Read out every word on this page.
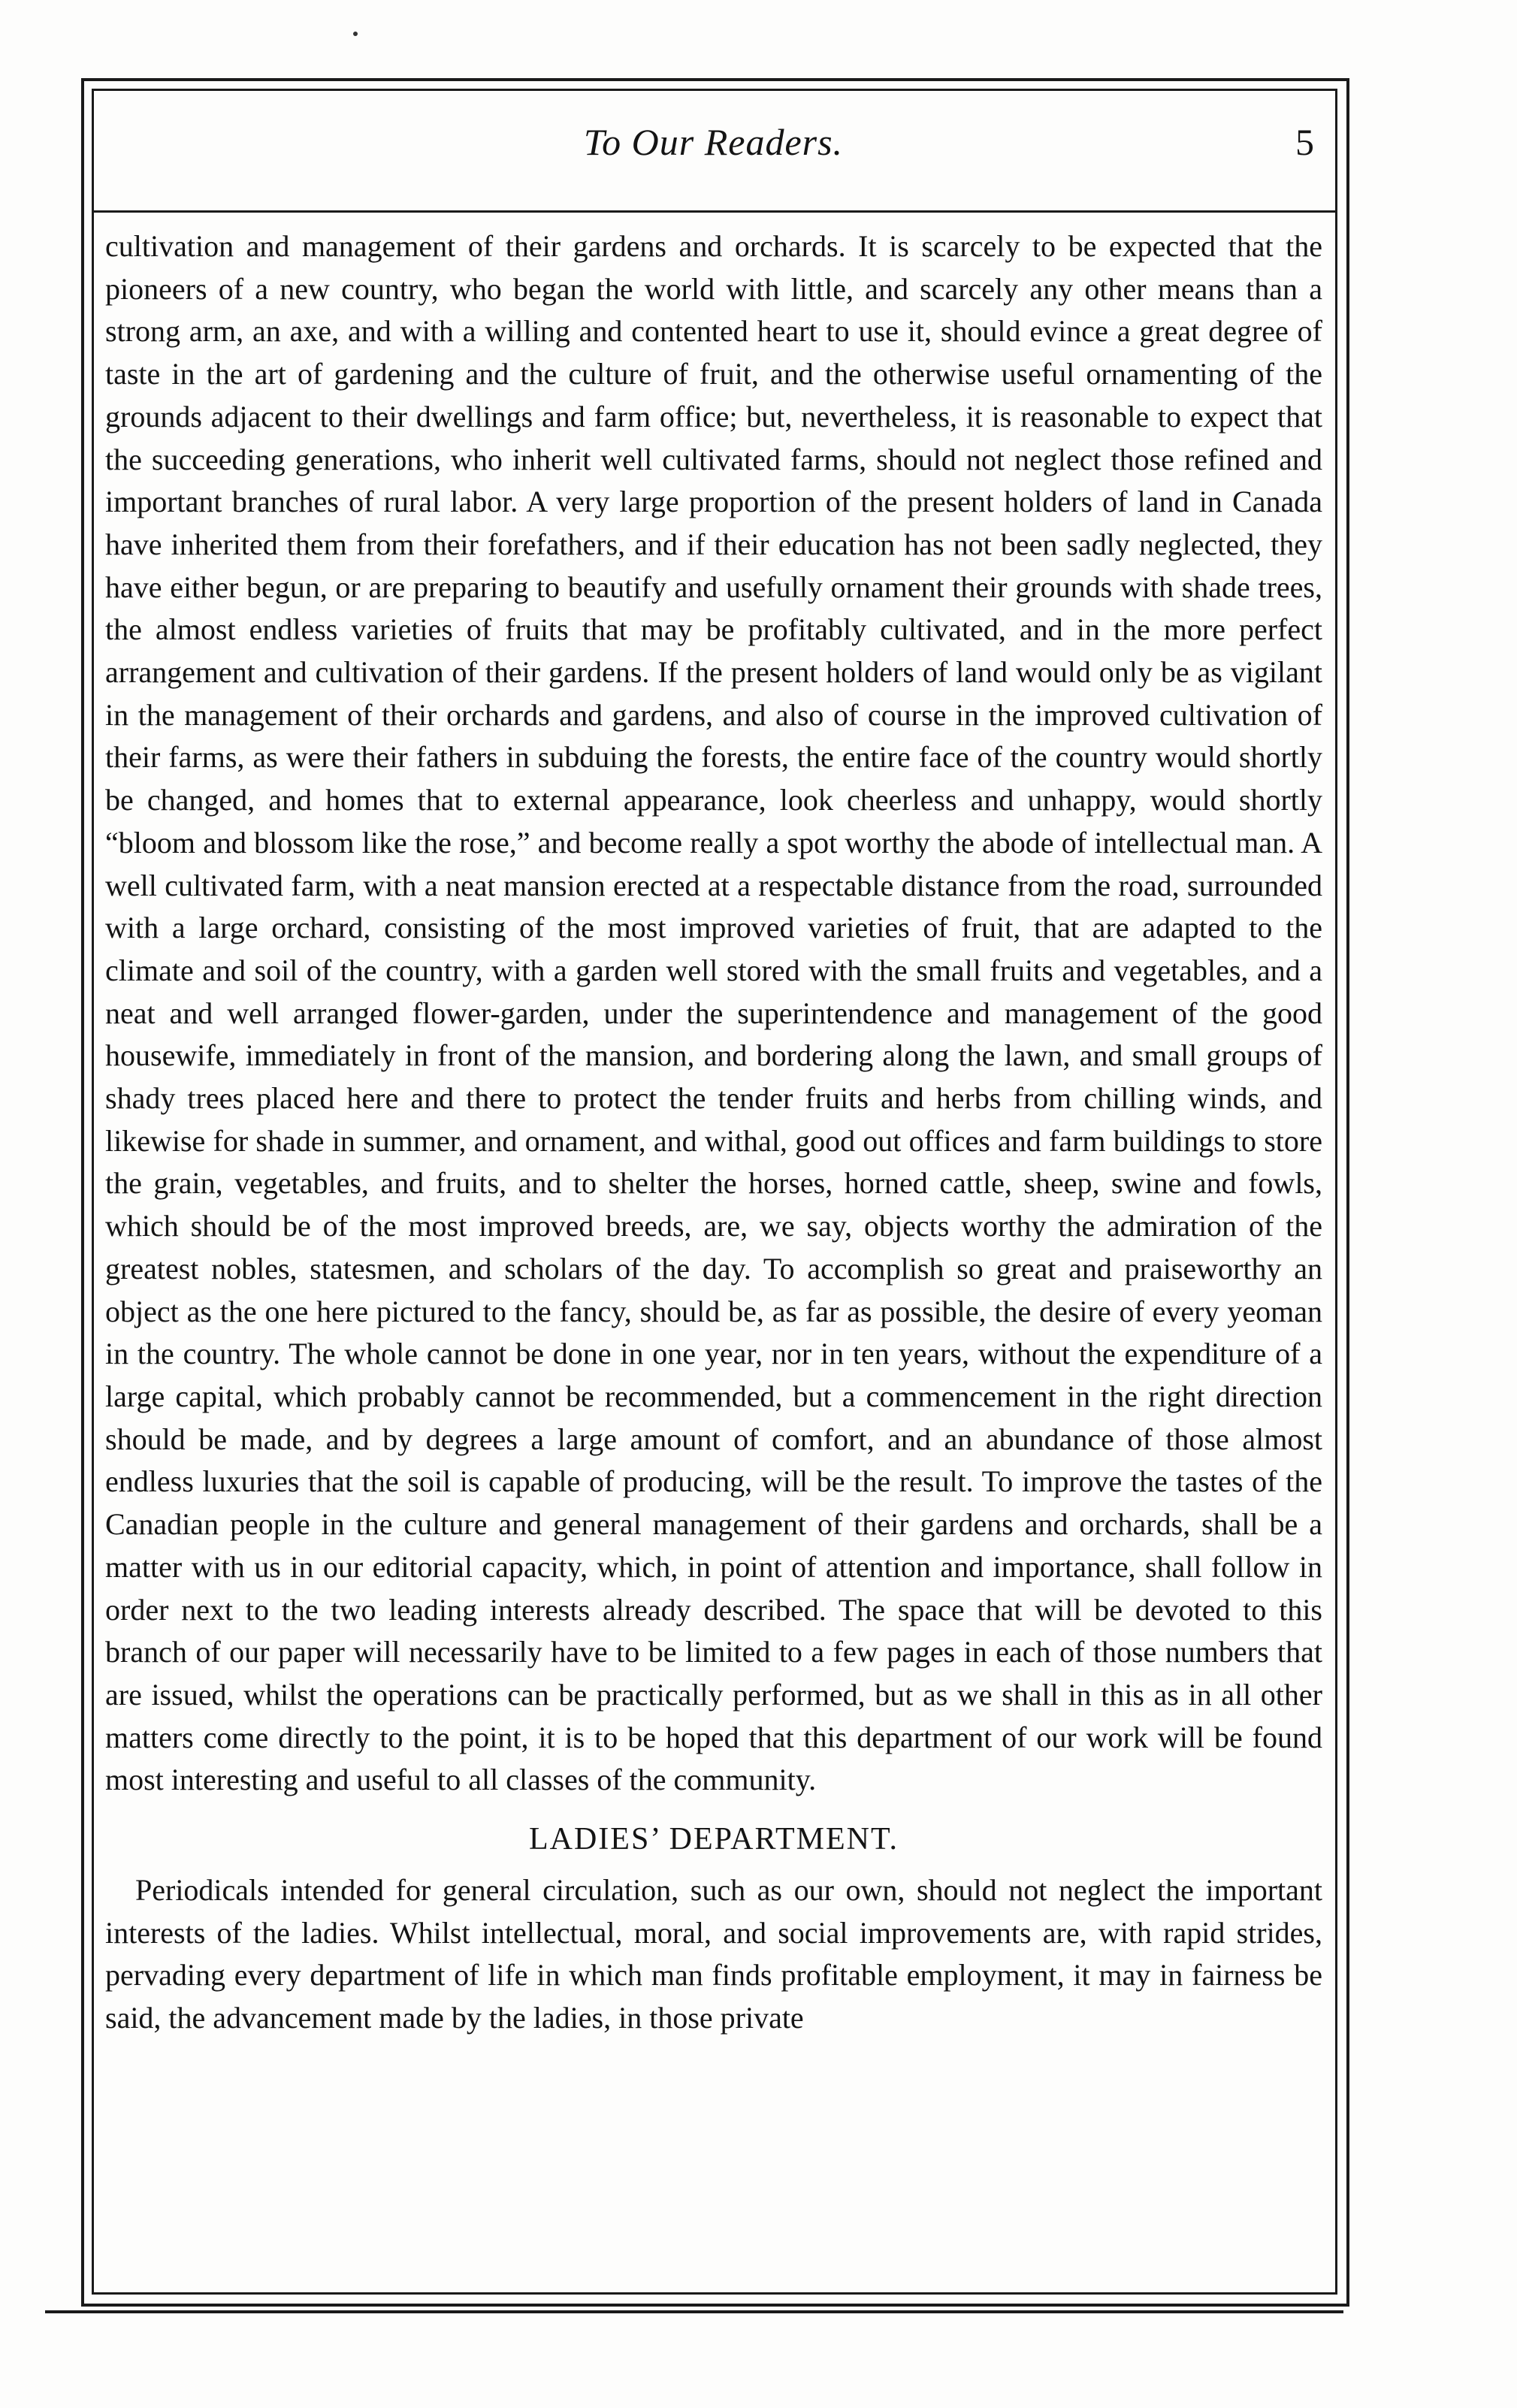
To Our Readers.	5

cultivation and management of their gardens and orchards. It is scarcely to be expected that the pioneers of a new country, who began the world with little, and scarcely any other means than a strong arm, an axe, and with a willing and contented heart to use it, should evince a great degree of taste in the art of gardening and the culture of fruit, and the otherwise useful ornamenting of the grounds adjacent to their dwellings and farm office; but, nevertheless, it is reasonable to expect that the succeeding generations, who inherit well cultivated farms, should not neglect those refined and important branches of rural labor. A very large proportion of the present holders of land in Canada have inherited them from their forefathers, and if their education has not been sadly neglected, they have either begun, or are preparing to beautify and usefully ornament their grounds with shade trees, the almost endless varieties of fruits that may be profitably cultivated, and in the more perfect arrangement and cultivation of their gardens. If the present holders of land would only be as vigilant in the management of their orchards and gardens, and also of course in the improved cultivation of their farms, as were their fathers in subduing the forests, the entire face of the country would shortly be changed, and homes that to external appearance, look cheerless and unhappy, would shortly “bloom and blossom like the rose,” and become really a spot worthy the abode of intellectual man. A well cultivated farm, with a neat mansion erected at a respectable distance from the road, surrounded with a large orchard, consisting of the most improved varieties of fruit, that are adapted to the climate and soil of the country, with a garden well stored with the small fruits and vegetables, and a neat and well arranged flower-garden, under the superintendence and management of the good housewife, immediately in front of the mansion, and bordering along the lawn, and small groups of shady trees placed here and there to protect the tender fruits and herbs from chilling winds, and likewise for shade in summer, and ornament, and withal, good out offices and farm buildings to store the grain, vegetables, and fruits, and to shelter the horses, horned cattle, sheep, swine and fowls, which should be of the most improved breeds, are, we say, objects worthy the admiration of the greatest nobles, statesmen, and scholars of the day. To accomplish so great and praiseworthy an object as the one here pictured to the fancy, should be, as far as possible, the desire of every yeoman in the country. The whole cannot be done in one year, nor in ten years, without the expenditure of a large capital, which probably cannot be recommended, but a commencement in the right direction should be made, and by degrees a large amount of comfort, and an abundance of those almost endless luxuries that the soil is capable of producing, will be the result. To improve the tastes of the Canadian people in the culture and general management of their gardens and orchards, shall be a matter with us in our editorial capacity, which, in point of attention and importance, shall follow in order next to the two leading interests already described. The space that will be devoted to this branch of our paper will necessarily have to be limited to a few pages in each of those numbers that are issued, whilst the operations can be practically performed, but as we shall in this as in all other matters come directly to the point, it is to be hoped that this department of our work will be found most interesting and useful to all classes of the community.

LADIES’ DEPARTMENT.

Periodicals intended for general circulation, such as our own, should not neglect the important interests of the ladies. Whilst intellectual, moral, and social improvements are, with rapid strides, pervading every department of life in which man finds profitable employment, it may in fairness be said, the advancement made by the ladies, in those private
